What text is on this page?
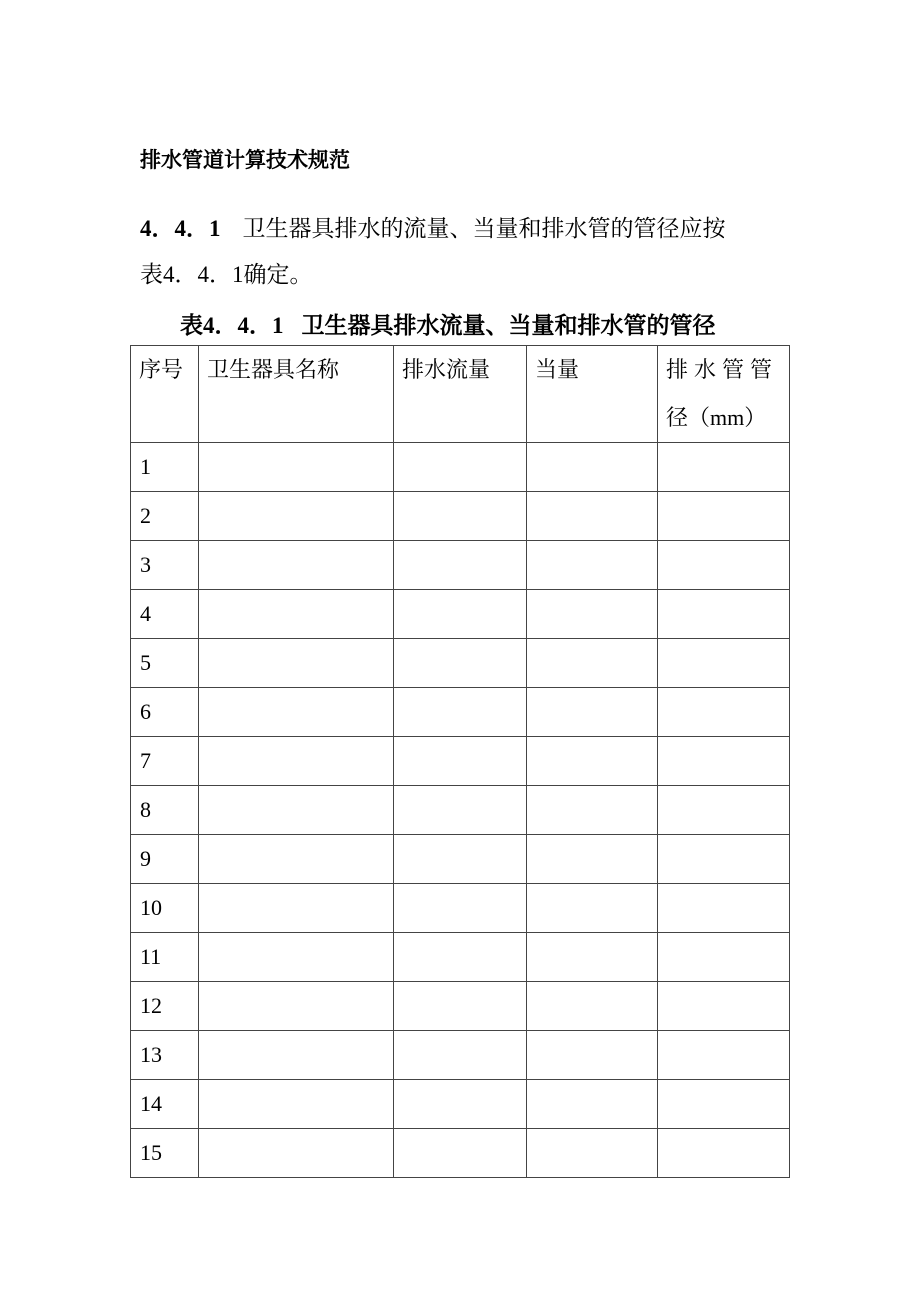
排水管道计算技术规范
4．4．1 卫生器具排水的流量、当量和排水管的管径应按
表4．4．1确定。
表4．4．1 卫生器具排水流量、当量和排水管的管径
序号	卫生器具名称	排水流量	当量	排水管管
径（mm）

1				
2				
3				
4				
5				
6				
7				
8				
9				
10				
11				
12				
13				
14				
15				
